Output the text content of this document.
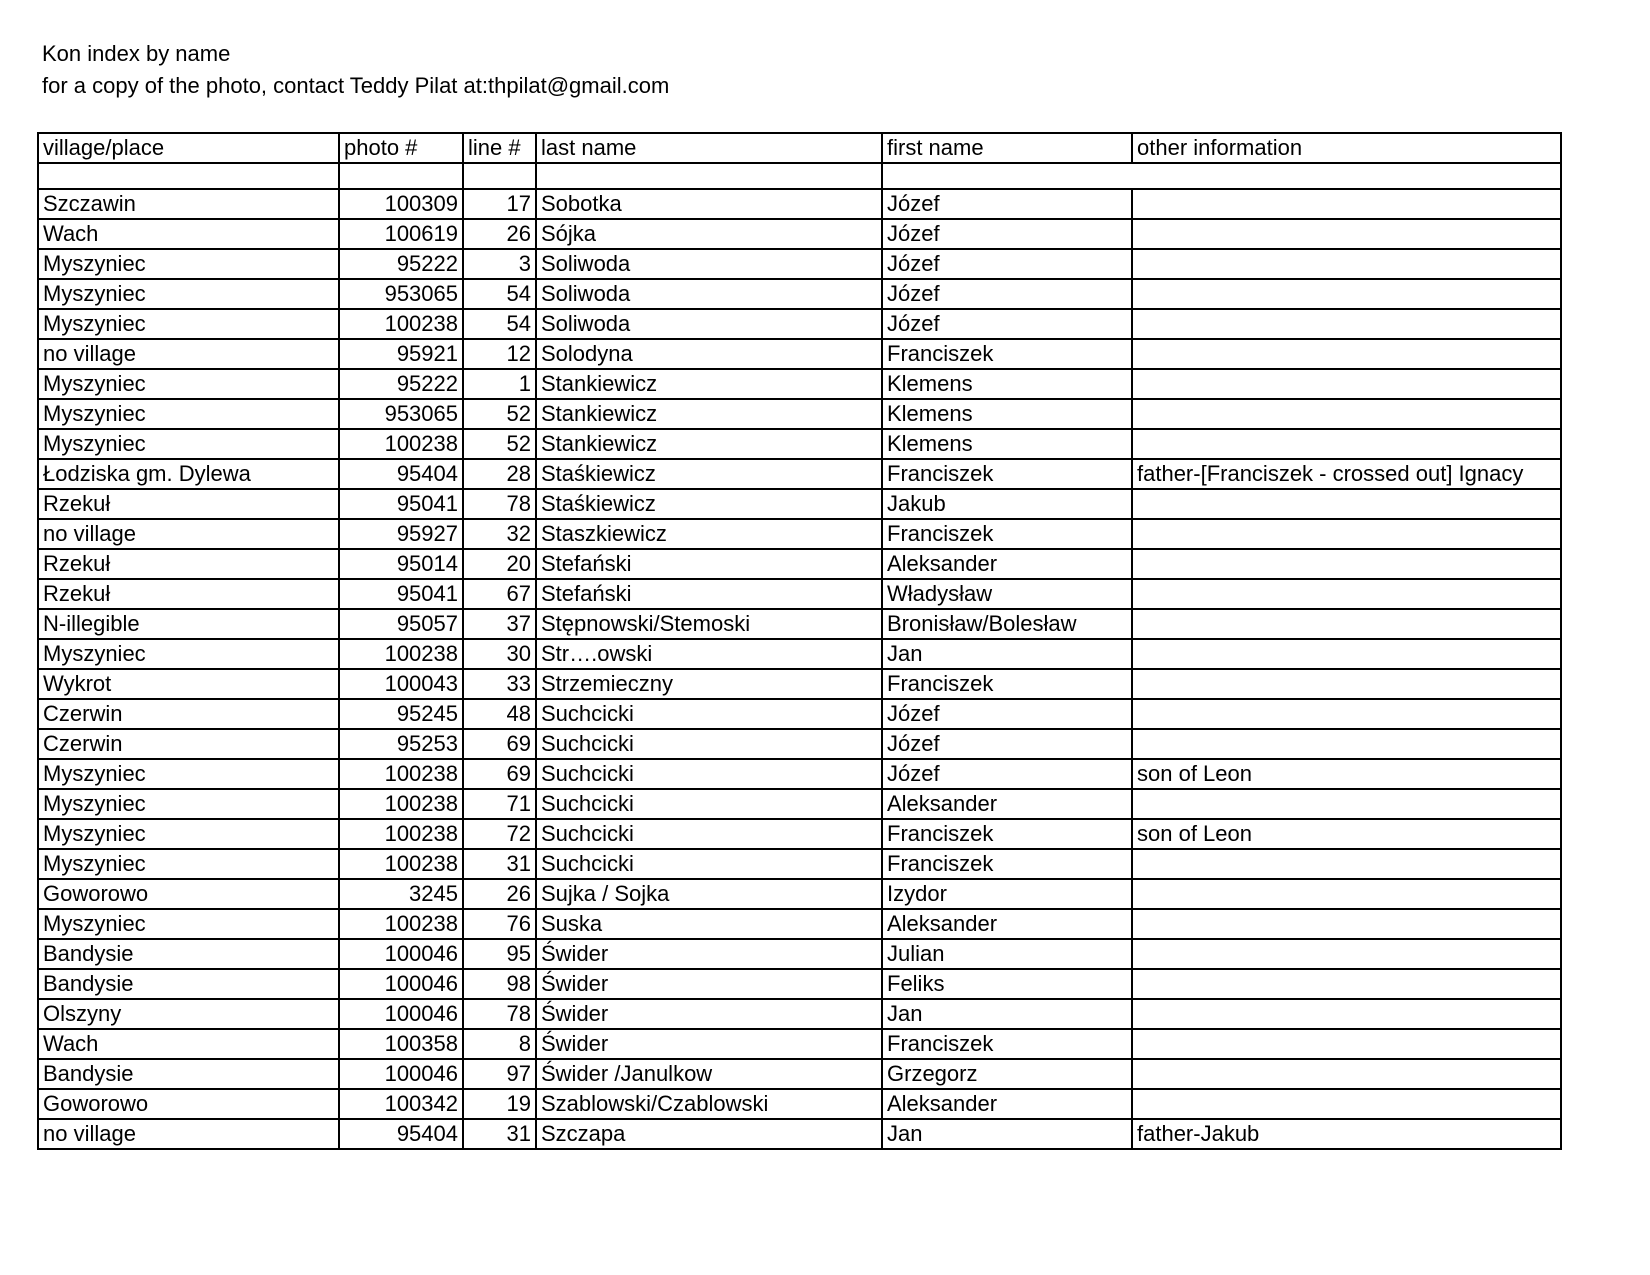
Kon index by name
for a copy of the photo, contact Teddy Pilat at:thpilat@gmail.com
village/place	photo #	line #	last name	first name	other information

Szczawin	100309	17	Sobotka	Józef	
Wach	100619	26	Sójka	Józef	
Myszyniec	95222	3	Soliwoda	Józef	
Myszyniec	953065	54	Soliwoda	Józef	
Myszyniec	100238	54	Soliwoda	Józef	
no village	95921	12	Solodyna	Franciszek	
Myszyniec	95222	1	Stankiewicz	Klemens	
Myszyniec	953065	52	Stankiewicz	Klemens	
Myszyniec	100238	52	Stankiewicz	Klemens	
Łodziska gm. Dylewa	95404	28	Staśkiewicz	Franciszek	father-[Franciszek - crossed out] Ignacy
Rzekuł	95041	78	Staśkiewicz	Jakub	
no village	95927	32	Staszkiewicz	Franciszek	
Rzekuł	95014	20	Stefański	Aleksander	
Rzekuł	95041	67	Stefański	Władysław	
N-illegible	95057	37	Stępnowski/Stemoski	Bronisław/Bolesław	
Myszyniec	100238	30	Str….owski	Jan	
Wykrot	100043	33	Strzemieczny	Franciszek	
Czerwin	95245	48	Suchcicki	Józef	
Czerwin	95253	69	Suchcicki	Józef	
Myszyniec	100238	69	Suchcicki	Józef	son of Leon
Myszyniec	100238	71	Suchcicki	Aleksander	
Myszyniec	100238	72	Suchcicki	Franciszek	son of Leon
Myszyniec	100238	31	Suchcicki	Franciszek	
Goworowo	3245	26	Sujka / Sojka	Izydor	
Myszyniec	100238	76	Suska	Aleksander	
Bandysie	100046	95	Świder	Julian	
Bandysie	100046	98	Świder	Feliks	
Olszyny	100046	78	Świder	Jan	
Wach	100358	8	Świder	Franciszek	
Bandysie	100046	97	Świder /Janulkow	Grzegorz	
Goworowo	100342	19	Szablowski/Czablowski	Aleksander	
no village	95404	31	Szczapa	Jan	father-Jakub
